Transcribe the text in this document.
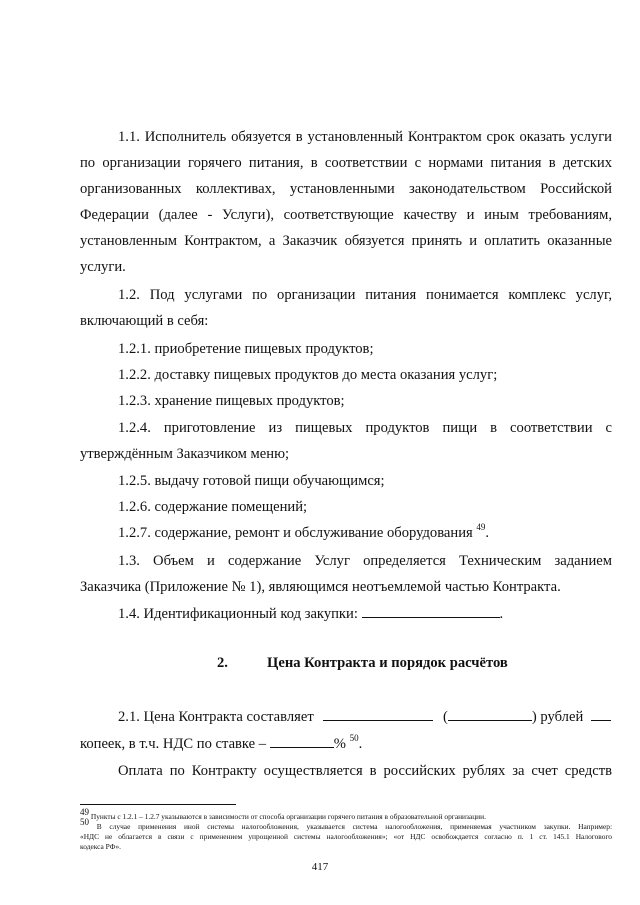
1.1. Исполнитель обязуется в установленный Контрактом срок оказать услуги
по организации горячего питания, в соответствии с нормами питания в детских
организованных коллективах, установленными законодательством Российской
Федерации (далее - Услуги), соответствующие качеству и иным требованиям,
установленным Контрактом, а Заказчик обязуется принять и оплатить оказанные
услуги.
1.2. Под услугами по организации питания понимается комплекс услуг,
включающий в себя:
1.2.1. приобретение пищевых продуктов;
1.2.2. доставку пищевых продуктов до места оказания услуг;
1.2.3. хранение пищевых продуктов;
1.2.4. приготовление из пищевых продуктов пищи в соответствии с
утверждённым Заказчиком меню;
1.2.5. выдачу готовой пищи обучающимся;
1.2.6. содержание помещений;
1.2.7. содержание, ремонт и обслуживание оборудования $^{49}$.
1.3. Объем и содержание Услуг определяется Техническим заданием
Заказчика (Приложение № 1), являющимся неотъемлемой частью Контракта.
1.4. Идентификационный код закупки:	.
2.	Цена Контракта и порядок расчётов
2.1. Цена Контракта составляет	(	) рублей
копеек, в т.ч. НДС по ставке –	% $^{50}$.
Оплата по Контракту осуществляется в российских рублях за счет средств
$^{49}$ Пункты с 1.2.1 – 1.2.7 указываются в зависимости от способа организации горячего питания в образовательной организации.
$^{50}$ В случае применения иной системы налогообложения, указывается система налогообложения, применяемая участником закупки. Например:
«НДС не облагается в связи с применением упрощенной системы налогообложения»; «от НДС освобождается согласно п. 1 ст. 145.1 Налогового
кодекса РФ».
417
